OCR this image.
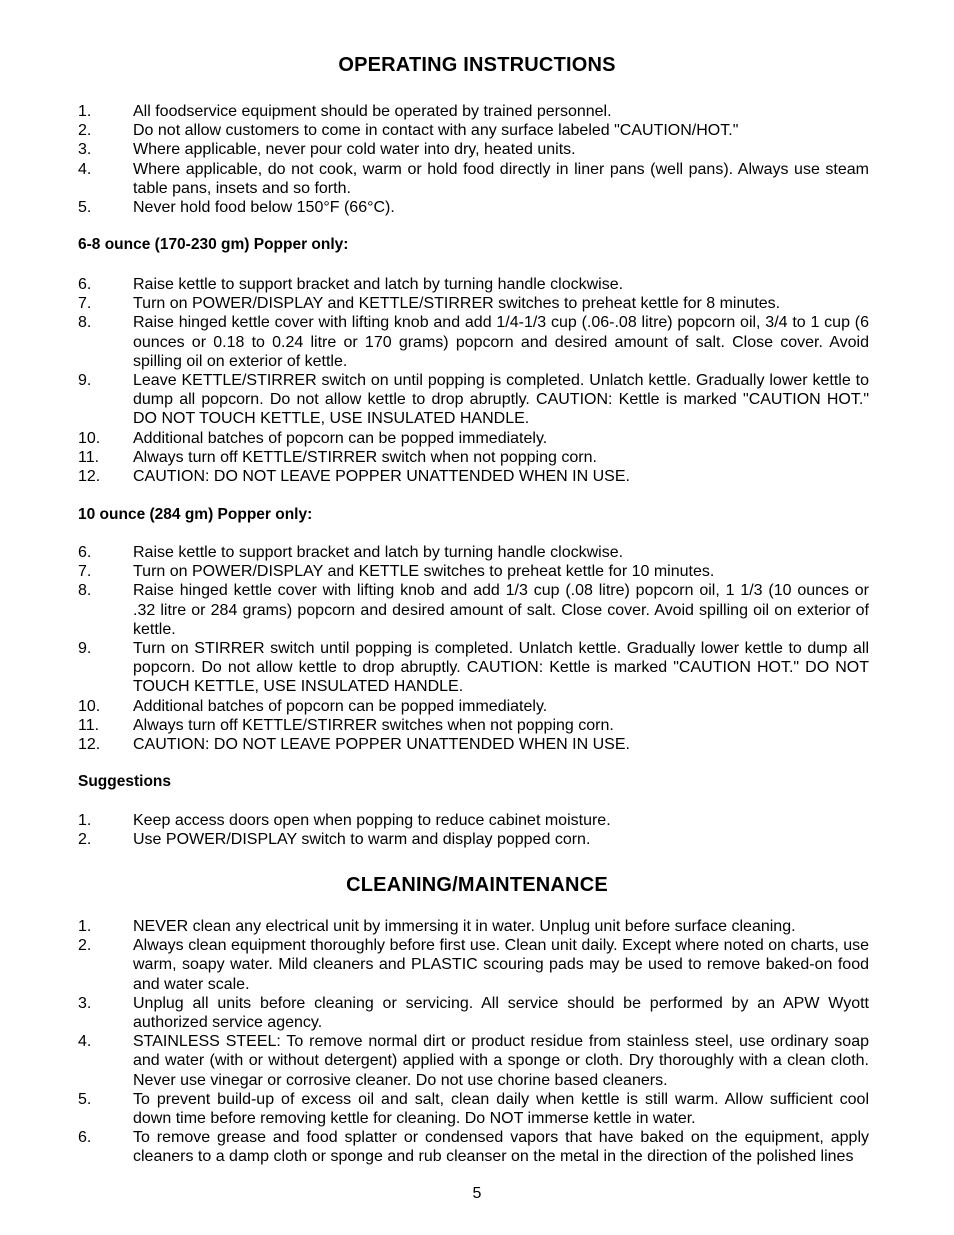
OPERATING INSTRUCTIONS
1.	All foodservice equipment should be operated by trained personnel.
2.	Do not allow customers to come in contact with any surface labeled "CAUTION/HOT."
3.	Where applicable, never pour cold water into dry, heated units.
4.	Where applicable, do not cook, warm or hold food directly in liner pans (well pans). Always use steam table pans, insets and so forth.
5.	Never hold food below 150°F (66°C).
6-8 ounce (170-230 gm) Popper only:
6.	Raise kettle to support bracket and latch by turning handle clockwise.
7.	Turn on POWER/DISPLAY and KETTLE/STIRRER switches to preheat kettle for 8 minutes.
8.	Raise hinged kettle cover with lifting knob and add 1/4-1/3 cup (.06-.08 litre) popcorn oil, 3/4 to 1 cup (6 ounces or 0.18 to 0.24 litre or 170 grams) popcorn and desired amount of salt. Close cover. Avoid spilling oil on exterior of kettle.
9.	Leave KETTLE/STIRRER switch on until popping is completed. Unlatch kettle. Gradually lower kettle to dump all popcorn. Do not allow kettle to drop abruptly. CAUTION: Kettle is marked "CAUTION HOT." DO NOT TOUCH KETTLE, USE INSULATED HANDLE.
10. Additional batches of popcorn can be popped immediately.
11. Always turn off KETTLE/STIRRER switch when not popping corn.
12. CAUTION: DO NOT LEAVE POPPER UNATTENDED WHEN IN USE.
10 ounce (284 gm) Popper only:
6.	Raise kettle to support bracket and latch by turning handle clockwise.
7.	Turn on POWER/DISPLAY and KETTLE switches to preheat kettle for 10 minutes.
8.	Raise hinged kettle cover with lifting knob and add 1/3 cup (.08 litre) popcorn oil, 1 1/3 (10 ounces or .32 litre or 284 grams) popcorn and desired amount of salt. Close cover. Avoid spilling oil on exterior of kettle.
9.	Turn on STIRRER switch until popping is completed. Unlatch kettle. Gradually lower kettle to dump all popcorn. Do not allow kettle to drop abruptly. CAUTION: Kettle is marked "CAUTION HOT." DO NOT TOUCH KETTLE, USE INSULATED HANDLE.
10. Additional batches of popcorn can be popped immediately.
11. Always turn off KETTLE/STIRRER switches when not popping corn.
12. CAUTION: DO NOT LEAVE POPPER UNATTENDED WHEN IN USE.
Suggestions
1.	Keep access doors open when popping to reduce cabinet moisture.
2.	Use POWER/DISPLAY switch to warm and display popped corn.
CLEANING/MAINTENANCE
1.	NEVER clean any electrical unit by immersing it in water. Unplug unit before surface cleaning.
2.	Always clean equipment thoroughly before first use. Clean unit daily. Except where noted on charts, use warm, soapy water. Mild cleaners and PLASTIC scouring pads may be used to remove baked-on food and water scale.
3.	Unplug all units before cleaning or servicing. All service should be performed by an APW Wyott authorized service agency.
4.	STAINLESS STEEL: To remove normal dirt or product residue from stainless steel, use ordinary soap and water (with or without detergent) applied with a sponge or cloth. Dry thoroughly with a clean cloth. Never use vinegar or corrosive cleaner. Do not use chorine based cleaners.
5.	To prevent build-up of excess oil and salt, clean daily when kettle is still warm. Allow sufficient cool down time before removing kettle for cleaning. Do NOT immerse kettle in water.
6.	To remove grease and food splatter or condensed vapors that have baked on the equipment, apply cleaners to a damp cloth or sponge and rub cleanser on the metal in the direction of the polished lines
5
